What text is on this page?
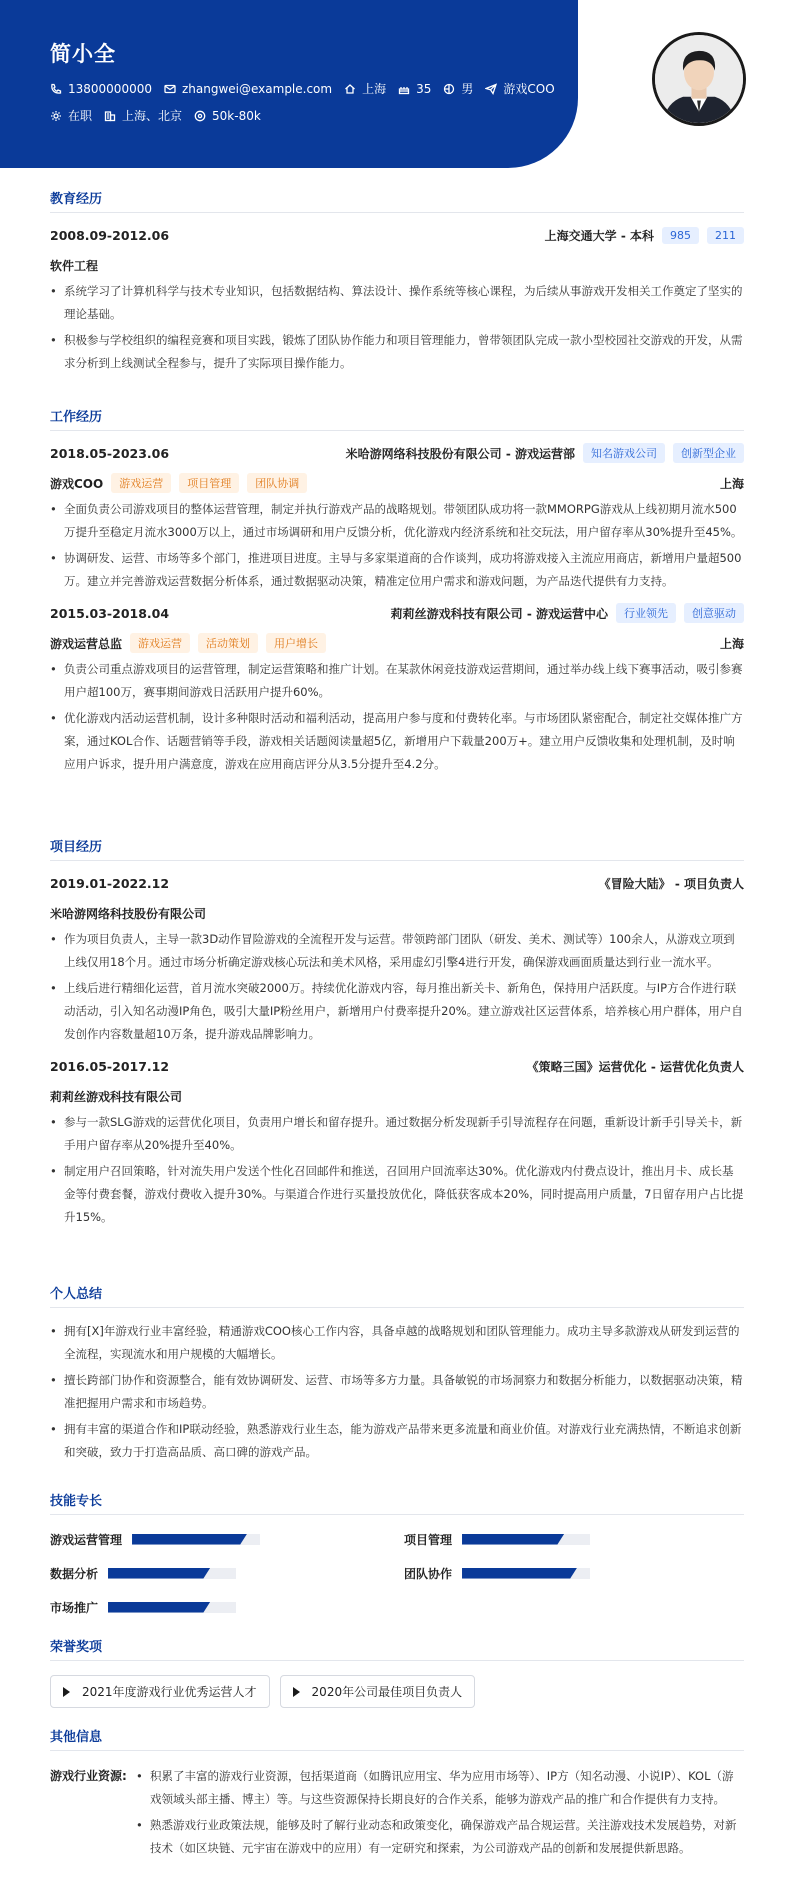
简小全
13800000000	zhangwei@example.com	上海	35	男	游戏COO
在职	上海、北京	50k-80k
教育经历
2008.09-2012.06	上海交通大学 - 本科	985	211
软件工程
• 系统学习了计算机科学与技术专业知识，包括数据结构、算法设计、操作系统等核心课程，为后续从事游戏开发相关工作奠定了坚实的理论基础。
• 积极参与学校组织的编程竞赛和项目实践，锻炼了团队协作能力和项目管理能力，曾带领团队完成一款小型校园社交游戏的开发，从需求分析到上线测试全程参与，提升了实际项目操作能力。
工作经历
2018.05-2023.06	米哈游网络科技股份有限公司 - 游戏运营部	知名游戏公司	创新型企业
游戏COO	游戏运营	项目管理	团队协调	上海
• 全面负责公司游戏项目的整体运营管理，制定并执行游戏产品的战略规划。带领团队成功将一款MMORPG游戏从上线初期月流水500万提升至稳定月流水3000万以上，通过市场调研和用户反馈分析，优化游戏内经济系统和社交玩法，用户留存率从30%提升至45%。
• 协调研发、运营、市场等多个部门，推进项目进度。主导与多家渠道商的合作谈判，成功将游戏接入主流应用商店，新增用户量超500万。建立并完善游戏运营数据分析体系，通过数据驱动决策，精准定位用户需求和游戏问题，为产品迭代提供有力支持。
2015.03-2018.04	莉莉丝游戏科技有限公司 - 游戏运营中心	行业领先	创意驱动
游戏运营总监	游戏运营	活动策划	用户增长	上海
• 负责公司重点游戏项目的运营管理，制定运营策略和推广计划。在某款休闲竞技游戏运营期间，通过举办线上线下赛事活动，吸引参赛用户超100万，赛事期间游戏日活跃用户提升60%。
• 优化游戏内活动运营机制，设计多种限时活动和福利活动，提高用户参与度和付费转化率。与市场团队紧密配合，制定社交媒体推广方案，通过KOL合作、话题营销等手段，游戏相关话题阅读量超5亿，新增用户下载量200万+。建立用户反馈收集和处理机制，及时响应用户诉求，提升用户满意度，游戏在应用商店评分从3.5分提升至4.2分。
项目经历
2019.01-2022.12	《冒险大陆》 - 项目负责人
米哈游网络科技股份有限公司
• 作为项目负责人，主导一款3D动作冒险游戏的全流程开发与运营。带领跨部门团队（研发、美术、测试等）100余人，从游戏立项到上线仅用18个月。通过市场分析确定游戏核心玩法和美术风格，采用虚幻引擎4进行开发，确保游戏画面质量达到行业一流水平。
• 上线后进行精细化运营，首月流水突破2000万。持续优化游戏内容，每月推出新关卡、新角色，保持用户活跃度。与IP方合作进行联动活动，引入知名动漫IP角色，吸引大量IP粉丝用户，新增用户付费率提升20%。建立游戏社区运营体系，培养核心用户群体，用户自发创作内容数量超10万条，提升游戏品牌影响力。
2016.05-2017.12	《策略三国》运营优化 - 运营优化负责人
莉莉丝游戏科技有限公司
• 参与一款SLG游戏的运营优化项目，负责用户增长和留存提升。通过数据分析发现新手引导流程存在问题，重新设计新手引导关卡，新手用户留存率从20%提升至40%。
• 制定用户召回策略，针对流失用户发送个性化召回邮件和推送，召回用户回流率达30%。优化游戏内付费点设计，推出月卡、成长基金等付费套餐，游戏付费收入提升30%。与渠道合作进行买量投放优化，降低获客成本20%，同时提高用户质量，7日留存用户占比提升15%。
个人总结
• 拥有[X]年游戏行业丰富经验，精通游戏COO核心工作内容，具备卓越的战略规划和团队管理能力。成功主导多款游戏从研发到运营的全流程，实现流水和用户规模的大幅增长。
• 擅长跨部门协作和资源整合，能有效协调研发、运营、市场等多方力量。具备敏锐的市场洞察力和数据分析能力，以数据驱动决策，精准把握用户需求和市场趋势。
• 拥有丰富的渠道合作和IP联动经验，熟悉游戏行业生态，能为游戏产品带来更多流量和商业价值。对游戏行业充满热情，不断追求创新和突破，致力于打造高品质、高口碑的游戏产品。
技能专长
游戏运营管理	项目管理
数据分析	团队协作
市场推广
荣誉奖项
2021年度游戏行业优秀运营人才	2020年公司最佳项目负责人
其他信息
游戏行业资源:
•	积累了丰富的游戏行业资源，包括渠道商（如腾讯应用宝、华为应用市场等）、IP方（知名动漫、小说IP）、KOL（游戏领域头部主播、博主）等。与这些资源保持长期良好的合作关系，能够为游戏产品的推广和合作提供有力支持。
• 熟悉游戏行业政策法规，能够及时了解行业动态和政策变化，确保游戏产品合规运营。关注游戏技术发展趋势，对新技术（如区块链、元宇宙在游戏中的应用）有一定研究和探索，为公司游戏产品的创新和发展提供新思路。
